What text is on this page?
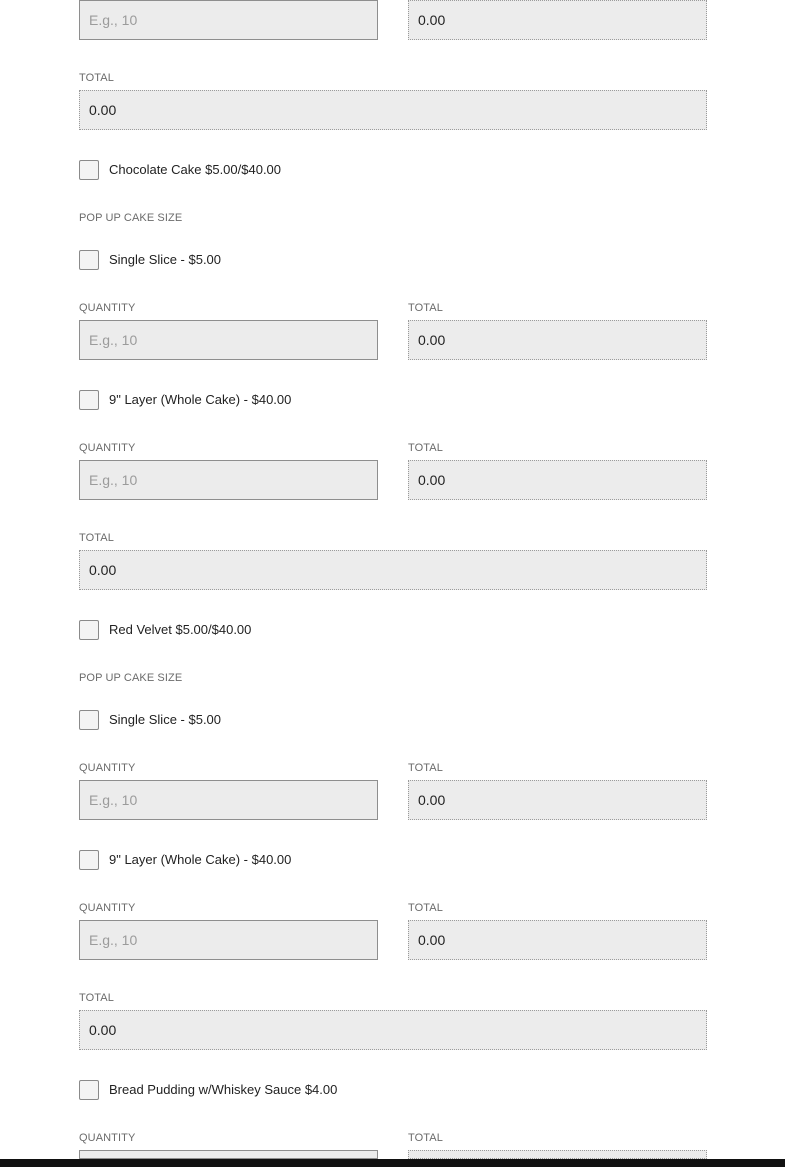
E.g., 10
0.00
TOTAL
0.00
Chocolate Cake $5.00/$40.00
POP UP CAKE SIZE
Single Slice - $5.00
QUANTITY	TOTAL
E.g., 10
0.00
9" Layer (Whole Cake) - $40.00
QUANTITY	TOTAL
E.g., 10
0.00
TOTAL
0.00
Red Velvet $5.00/$40.00
POP UP CAKE SIZE
Single Slice - $5.00
QUANTITY	TOTAL
E.g., 10
0.00
9" Layer (Whole Cake) - $40.00
QUANTITY	TOTAL
E.g., 10
0.00
TOTAL
0.00
Bread Pudding w/Whiskey Sauce $4.00
QUANTITY	TOTAL
